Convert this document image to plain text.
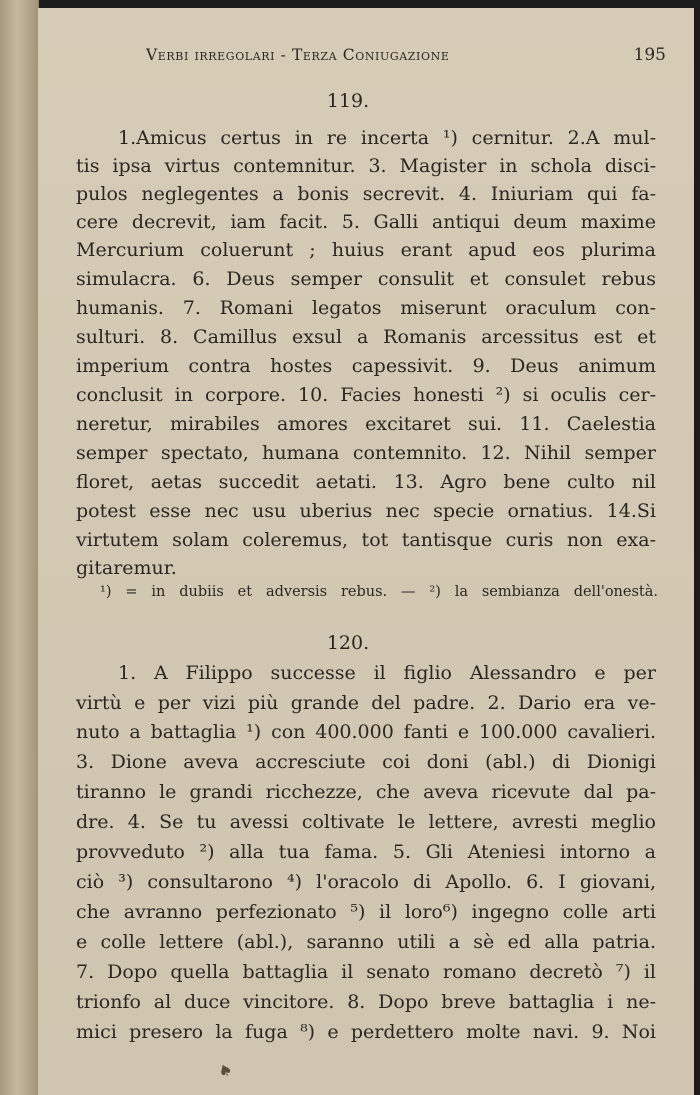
Verbi irregolari - Terza Coniugazione	195
119.
1.Amicus certus in re incerta ¹) cernitur. 2.A mul-
tis ipsa virtus contemnitur. 3. Magister in schola disci-
pulos neglegentes a bonis secrevit. 4. Iniuriam qui fa-
cere decrevit, iam facit. 5. Galli antiqui deum maxime
Mercurium coluerunt ; huius erant apud eos plurima
simulacra. 6. Deus semper consulit et consulet rebus
humanis. 7. Romani legatos miserunt oraculum con-
sulturi. 8. Camillus exsul a Romanis arcessitus est et
imperium contra hostes capessivit. 9. Deus animum
conclusit in corpore. 10. Facies honesti ²) si oculis cer-
neretur, mirabiles amores excitaret sui. 11. Caelestia
semper spectato, humana contemnito. 12. Nihil semper
floret, aetas succedit aetati. 13. Agro bene culto nil
potest esse nec usu uberius nec specie ornatius. 14.Si
virtutem solam coleremus, tot tantisque curis non exa-
gitaremur.
¹) = in dubiis et adversis rebus. — ²) la sembianza dell'onestà.
120.
1. A Filippo successe il figlio Alessandro e per
virtù e per vizi più grande del padre. 2. Dario era ve-
nuto a battaglia ¹) con 400.000 fanti e 100.000 cavalieri.
3. Dione aveva accresciute coi doni (abl.) di Dionigi
tiranno le grandi ricchezze, che aveva ricevute dal pa-
dre. 4. Se tu avessi coltivate le lettere, avresti meglio
provveduto ²) alla tua fama. 5. Gli Ateniesi intorno a
ciò ³) consultarono ⁴) l'oracolo di Apollo. 6. I giovani,
che avranno perfezionato ⁵) il loro⁶) ingegno colle arti
e colle lettere (abl.), saranno utili a sè ed alla patria.
7. Dopo quella battaglia il senato romano decretò ⁷) il
trionfo al duce vincitore. 8. Dopo breve battaglia i ne-
mici presero la fuga ⁸) e perdettero molte navi. 9. Noi
♠
